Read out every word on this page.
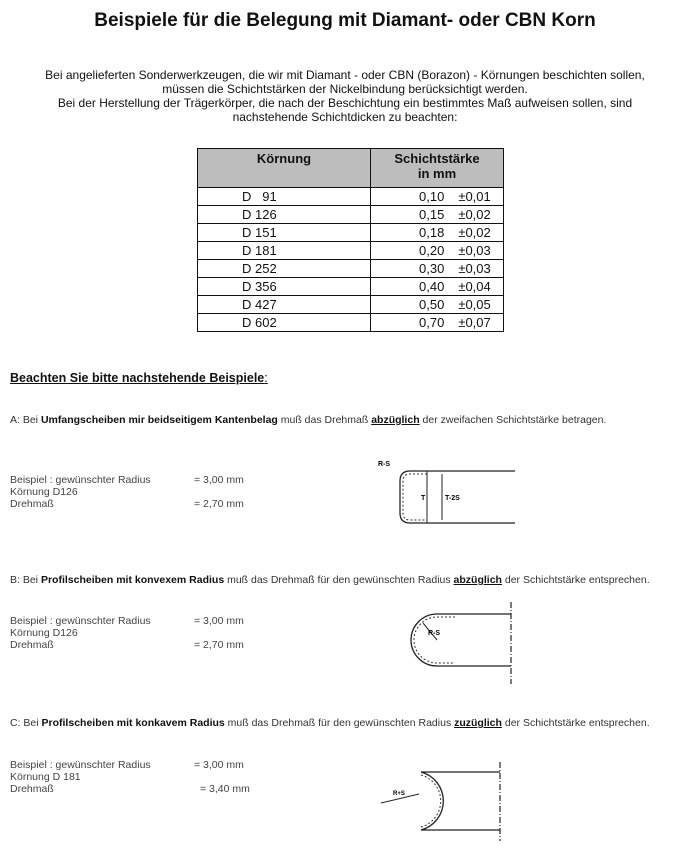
Beispiele für die Belegung mit Diamant- oder CBN Korn
Bei angelieferten Sonderwerkzeugen, die wir mit Diamant - oder CBN (Borazon) - Körnungen beschichten sollen,
müssen die Schichtstärken der Nickelbindung berücksichtigt werden.
Bei der Herstellung der Trägerkörper, die nach der Beschichtung ein bestimmtes Maß aufweisen sollen, sind
nachstehende Schichtdicken zu beachten:
Körnung	Schichtstärke
in mm

D   91	0,10 ±0,01
D 126	0,15 ±0,02
D 151	0,18 ±0,02
D 181	0,20 ±0,03
D 252	0,30 ±0,03
D 356	0,40 ±0,04
D 427	0,50 ±0,05
D 602	0,70 ±0,07
Beachten Sie bitte nachstehende Beispiele:
A: Bei Umfangscheiben mir beidseitigem Kantenbelag muß das Drehmaß abzüglich der zweifachen Schichtstärke betragen.
Beispiel : gewünschter Radius	= 3,00 mm
Körnung D126
Drehmaß	= 2,70 mm
R-S
T	T-2S
B: Bei Profilscheiben mit konvexem Radius muß das Drehmaß für den gewünschten Radius abzüglich der Schichtstärke entsprechen.
Beispiel : gewünschter Radius	= 3,00 mm
Körnung D126
Drehmaß	= 2,70 mm
R-S
C: Bei Profilscheiben mit konkavem Radius muß das Drehmaß für den gewünschten Radius zuzüglich der Schichtstärke entsprechen.
Beispiel : gewünschter Radius	= 3,00 mm
Körnung D 181
Drehmaß	= 3,40 mm	R+S
